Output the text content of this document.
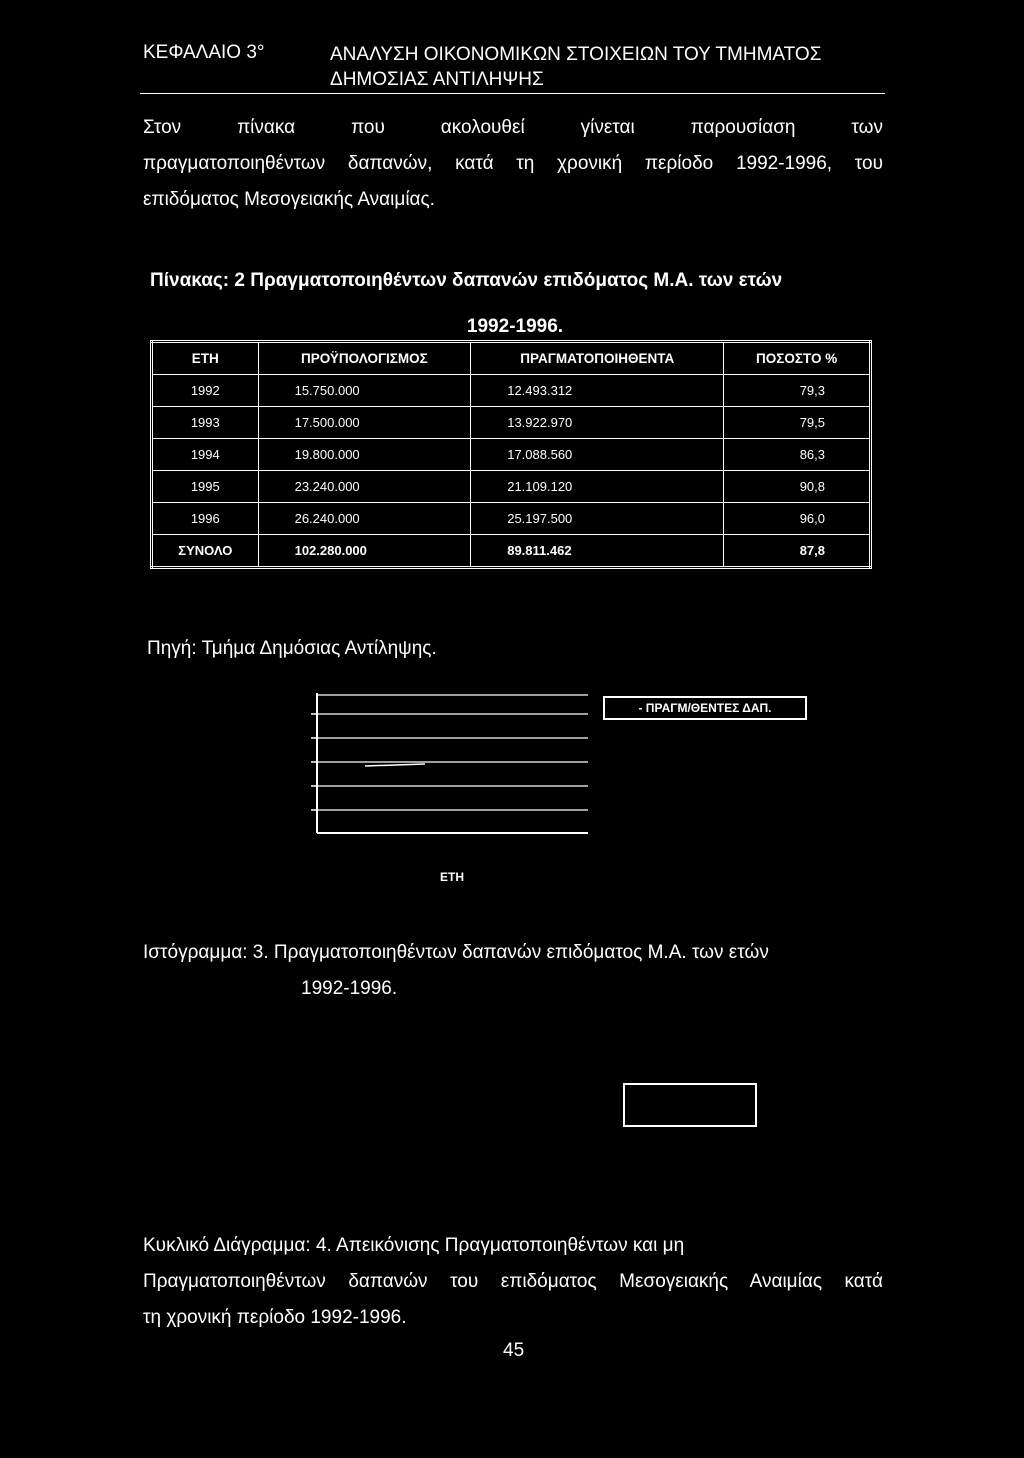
ΚΕΦΑΛΑΙΟ 3°	ΑΝΑΛΥΣΗ ΟΙΚΟΝΟΜΙΚΩΝ ΣΤΟΙΧΕΙΩΝ ΤΟΥ ΤΜΗΜΑΤΟΣ
ΔΗΜΟΣΙΑΣ ΑΝΤΙΛΗΨΗΣ
Στον πίνακα που ακολουθεί γίνεται παρουσίαση των
πραγματοποιηθέντων δαπανών, κατά τη χρονική περίοδο 1992-1996, του
επιδόματος Μεσογειακής Αναιμίας.
Πίνακας: 2 Πραγματοποιηθέντων δαπανών επιδόματος Μ.Α. των ετών
1992-1996.
ΕΤΗ	ΠΡΟΫΠΟΛΟΓΙΣΜΟΣ	ΠΡΑΓΜΑΤΟΠΟΙΗΘΕΝΤΑ	ΠΟΣΟΣΤΟ %
1992	15.750.000	12.493.312	79,3
1993	17.500.000	13.922.970	79,5
1994	19.800.000	17.088.560	86,3
1995	23.240.000	21.109.120	90,8
1996	26.240.000	25.197.500	96,0
ΣΥΝΟΛΟ	102.280.000	89.811.462	87,8
Πηγή: Τμήμα Δημόσιας Αντίληψης.
- ΠΡΑΓΜ/ΘΕΝΤΕΣ ΔΑΠ.
ΕΤΗ
Ιστόγραμμα: 3. Πραγματοποιηθέντων δαπανών επιδόματος Μ.Α. των ετών
1992-1996.
Κυκλικό Διάγραμμα: 4. Απεικόνισης Πραγματοποιηθέντων και μη

Πραγματοποιηθέντων δαπανών του επιδόματος Μεσογειακής Αναιμίας κατά
τη χρονική περίοδο 1992-1996.
45
